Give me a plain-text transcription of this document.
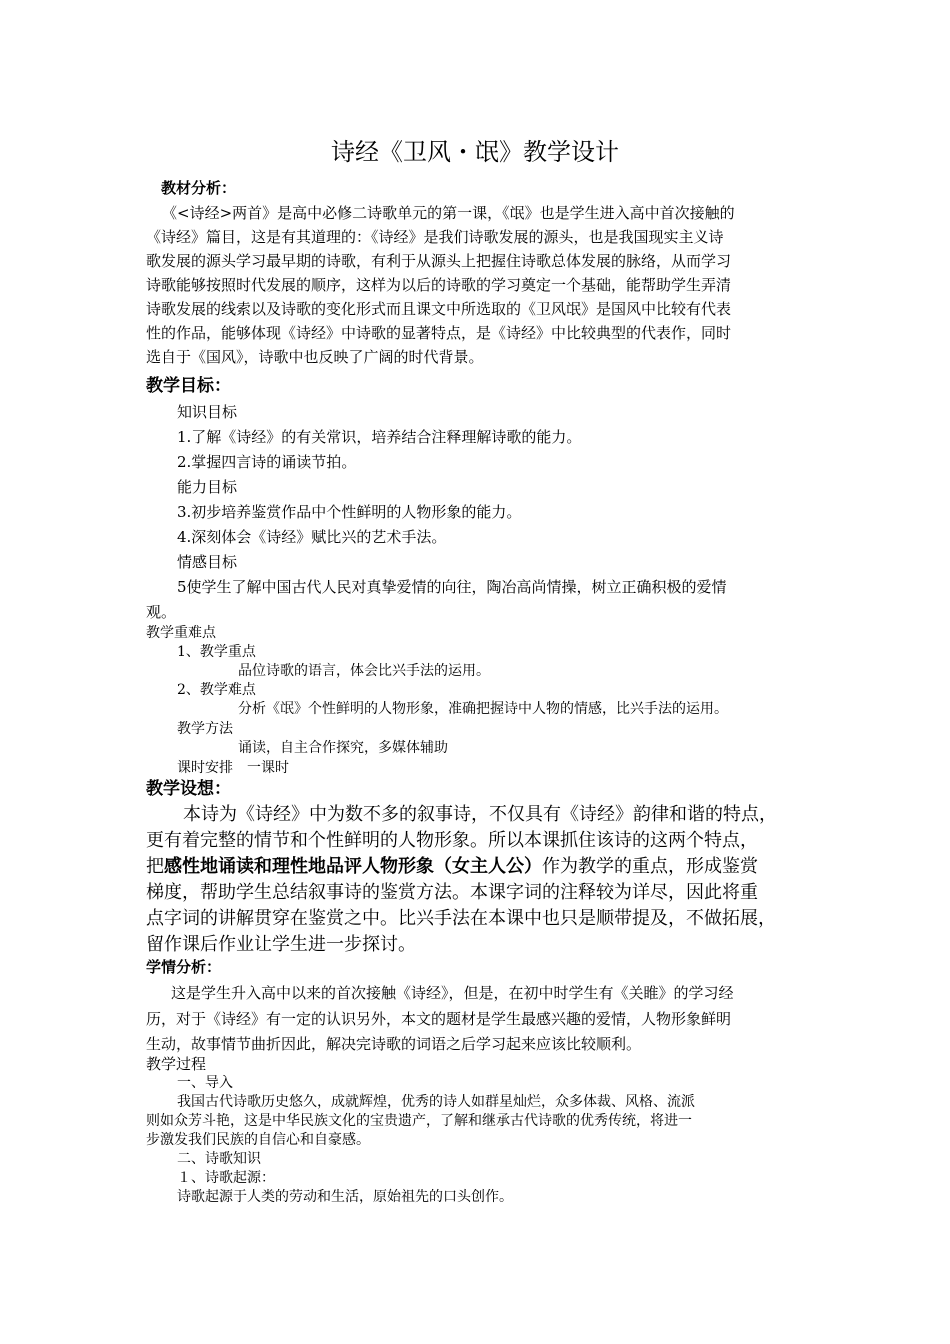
诗经《卫风・氓》教学设计
教材分析：
《<诗经>两首》是高中必修二诗歌单元的第一课，《氓》也是学生进入高中首次接触的
《诗经》篇目，这是有其道理的：《诗经》是我们诗歌发展的源头，也是我国现实主义诗
歌发展的源头学习最早期的诗歌，有利于从源头上把握住诗歌总体发展的脉络，从而学习
诗歌能够按照时代发展的顺序，这样为以后的诗歌的学习奠定一个基础，能帮助学生弄清
诗歌发展的线索以及诗歌的变化形式而且课文中所选取的《卫风氓》是国风中比较有代表
性的作品，能够体现《诗经》中诗歌的显著特点，是《诗经》中比较典型的代表作，同时
选自于《国风》，诗歌中也反映了广阔的时代背景。
教学目标：
知识目标
1.了解《诗经》的有关常识，培养结合注释理解诗歌的能力。
2.掌握四言诗的诵读节拍。
能力目标
3.初步培养鉴赏作品中个性鲜明的人物形象的能力。
4.深刻体会《诗经》赋比兴的艺术手法。
情感目标
5使学生了解中国古代人民对真挚爱情的向往，陶冶高尚情操，树立正确积极的爱情
观。
教学重难点
1、教学重点
品位诗歌的语言，体会比兴手法的运用。
2、教学难点
分析《氓》个性鲜明的人物形象，准确把握诗中人物的情感，比兴手法的运用。
教学方法
诵读，自主合作探究，多媒体辅助
课时安排　一课时
教学设想：
本诗为《诗经》中为数不多的叙事诗，不仅具有《诗经》韵律和谐的特点，
更有着完整的情节和个性鲜明的人物形象。所以本课抓住该诗的这两个特点，
把感性地诵读和理性地品评人物形象（女主人公）作为教学的重点，形成鉴赏
梯度，帮助学生总结叙事诗的鉴赏方法。本课字词的注释较为详尽，因此将重
点字词的讲解贯穿在鉴赏之中。比兴手法在本课中也只是顺带提及，不做拓展，
留作课后作业让学生进一步探讨。
学情分析：
这是学生升入高中以来的首次接触《诗经》，但是，在初中时学生有《关睢》的学习经
历，对于《诗经》有一定的认识另外，本文的题材是学生最感兴趣的爱情，人物形象鲜明
生动，故事情节曲折因此，解决完诗歌的词语之后学习起来应该比较顺利。
教学过程
一、导入
我国古代诗歌历史悠久，成就辉煌，优秀的诗人如群星灿烂，众多体裁、风格、流派
则如众芳斗艳，这是中华民族文化的宝贵遗产，了解和继承古代诗歌的优秀传统，将进一
步激发我们民族的自信心和自豪感。
二、诗歌知识
１、诗歌起源：
诗歌起源于人类的劳动和生活，原始祖先的口头创作。
